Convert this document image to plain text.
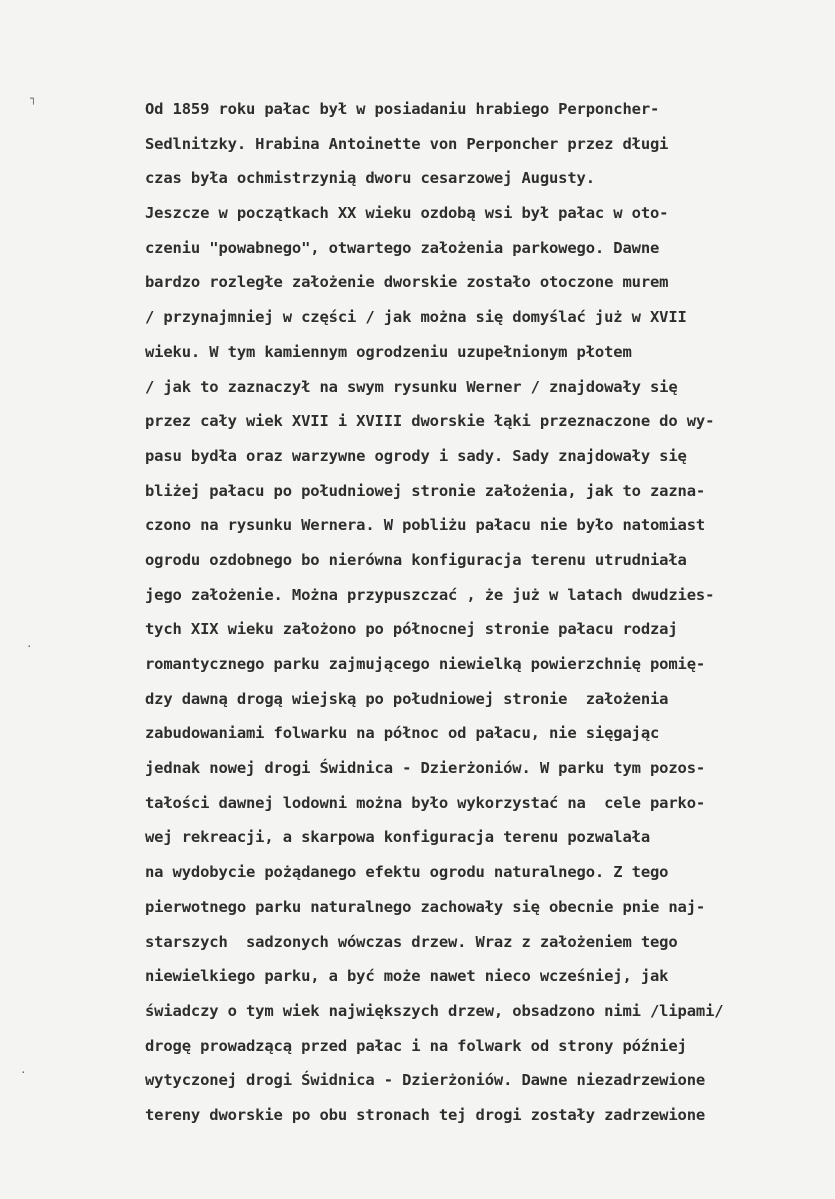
┐
·
·
Od 1859 roku pałac był w posiadaniu hrabiego Perponcher-
Sedlnitzky. Hrabina Antoinette von Perponcher przez długi
czas była ochmistrzynią dworu cesarzowej Augusty.
Jeszcze w początkach XX wieku ozdobą wsi był pałac w oto-
czeniu "powabnego", otwartego założenia parkowego. Dawne
bardzo rozległe założenie dworskie zostało otoczone murem
/ przynajmniej w części / jak można się domyślać już w XVII
wieku. W tym kamiennym ogrodzeniu uzupełnionym płotem
/ jak to zaznaczył na swym rysunku Werner / znajdowały się
przez cały wiek XVII i XVIII dworskie łąki przeznaczone do wy-
pasu bydła oraz warzywne ogrody i sady. Sady znajdowały się
bliżej pałacu po południowej stronie założenia, jak to zazna-
czono na rysunku Wernera. W pobliżu pałacu nie było natomiast
ogrodu ozdobnego bo nierówna konfiguracja terenu utrudniała
jego założenie. Można przypuszczać , że już w latach dwudzies-
tych XIX wieku założono po północnej stronie pałacu rodzaj
romantycznego parku zajmującego niewielką powierzchnię pomię-
dzy dawną drogą wiejską po południowej stronie  założenia
zabudowaniami folwarku na północ od pałacu, nie sięgając
jednak nowej drogi Świdnica - Dzierżoniów. W parku tym pozos-
tałości dawnej lodowni można było wykorzystać na  cele parko-
wej rekreacji, a skarpowa konfiguracja terenu pozwalała
na wydobycie pożądanego efektu ogrodu naturalnego. Z tego
pierwotnego parku naturalnego zachowały się obecnie pnie naj-
starszych  sadzonych wówczas drzew. Wraz z założeniem tego
niewielkiego parku, a być może nawet nieco wcześniej, jak
świadczy o tym wiek największych drzew, obsadzono nimi /lipami/
drogę prowadzącą przed pałac i na folwark od strony później
wytyczonej drogi Świdnica - Dzierżoniów. Dawne niezadrzewione
tereny dworskie po obu stronach tej drogi zostały zadrzewione
